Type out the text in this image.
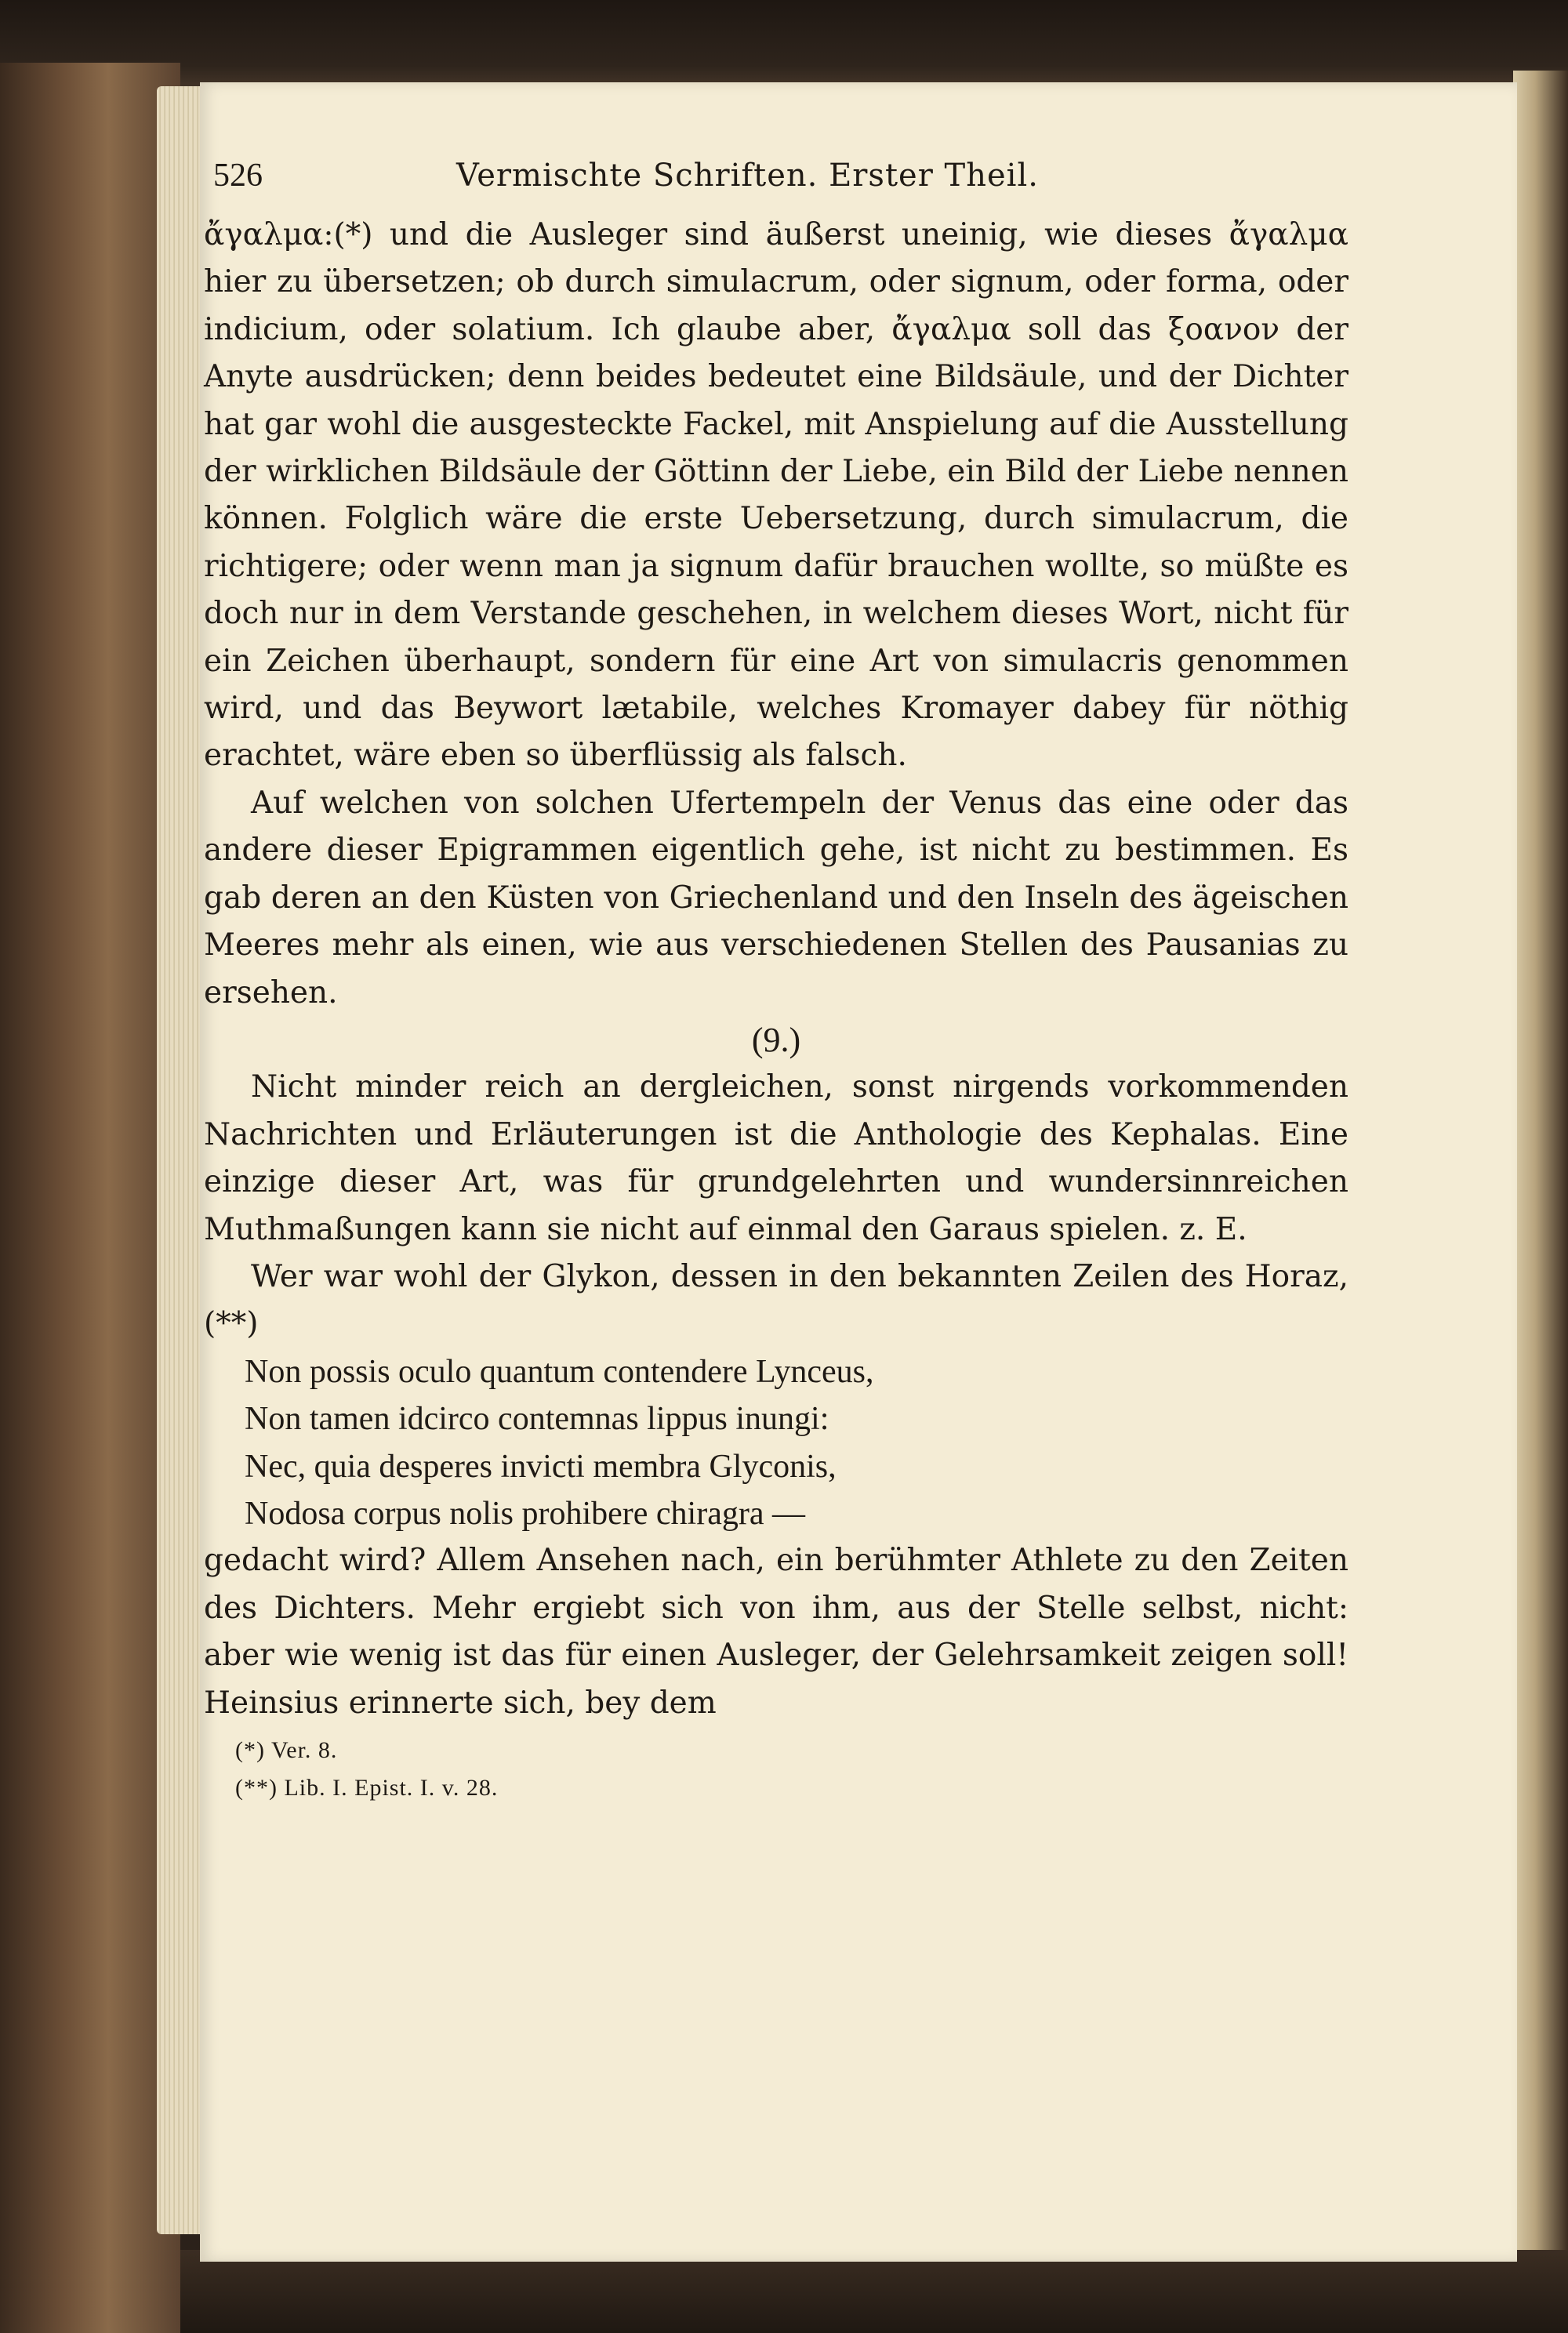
526	Vermischte Schriften. Erster Theil.

ἄγαλμα:(*) und die Ausleger sind äußerst uneinig, wie dieses ἄγαλμα hier zu übersetzen; ob durch simulacrum, oder signum, oder forma, oder indicium, oder solatium. Ich glaube aber, ἄγαλμα soll das ξοανον der Anyte ausdrücken; denn beides bedeutet eine Bildsäule, und der Dichter hat gar wohl die ausgesteckte Fackel, mit Anspielung auf die Ausstellung der wirklichen Bildsäule der Göttinn der Liebe, ein Bild der Liebe nennen können. Folglich wäre die erste Uebersetzung, durch simulacrum, die richtigere; oder wenn man ja signum dafür brauchen wollte, so müßte es doch nur in dem Verstande geschehen, in welchem dieses Wort, nicht für ein Zeichen überhaupt, sondern für eine Art von simulacris genommen wird, und das Beywort lætabile, welches Kromayer dabey für nöthig erachtet, wäre eben so überflüssig als falsch.

Auf welchen von solchen Ufertempeln der Venus das eine oder das andere dieser Epigrammen eigentlich gehe, ist nicht zu bestimmen. Es gab deren an den Küsten von Griechenland und den Inseln des ägeischen Meeres mehr als einen, wie aus verschiedenen Stellen des Pausanias zu ersehen.

(9.)

Nicht minder reich an dergleichen, sonst nirgends vorkommenden Nachrichten und Erläuterungen ist die Anthologie des Kephalas. Eine einzige dieser Art, was für grundgelehrten und wundersinnreichen Muthmaßungen kann sie nicht auf einmal den Garaus spielen. z. E.

Wer war wohl der Glykon, dessen in den bekannten Zeilen des Horaz,(**)

Non possis oculo quantum contendere Lynceus,

Non tamen idcirco contemnas lippus inungi:

Nec, quia desperes invicti membra Glyconis,

Nodosa corpus nolis prohibere chiragra —

gedacht wird? Allem Ansehen nach, ein berühmter Athlete zu den Zeiten des Dichters. Mehr ergiebt sich von ihm, aus der Stelle selbst, nicht: aber wie wenig ist das für einen Ausleger, der Gelehrsamkeit zeigen soll! Heinsius erinnerte sich, bey dem

(*) Ver. 8.
(**) Lib. I. Epist. I. v. 28.
